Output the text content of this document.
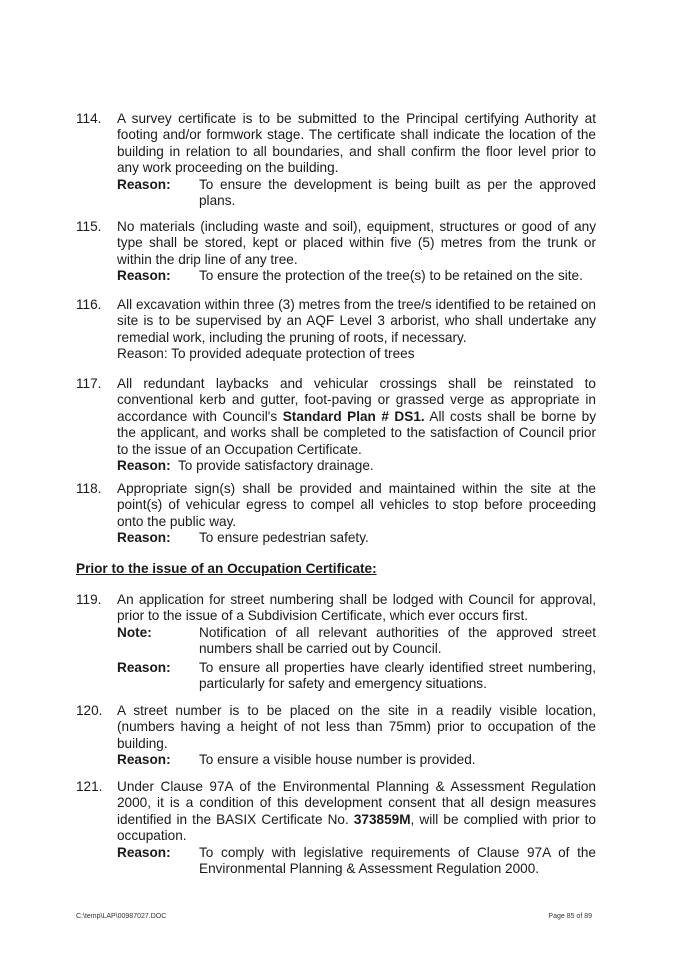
114.	A survey certificate is to be submitted to the Principal certifying Authority at footing and/or formwork stage. The certificate shall indicate the location of the building in relation to all boundaries, and shall confirm the floor level prior to any work proceeding on the building.

Reason:	To ensure the development is being built as per the approved plans.
115.	No materials (including waste and soil), equipment, structures or good of any type shall be stored, kept or placed within five (5) metres from the trunk or within the drip line of any tree.

Reason:	To ensure the protection of the tree(s) to be retained on the site.
116.	All excavation within three (3) metres from the tree/s identified to be retained on site is to be supervised by an AQF Level 3 arborist, who shall undertake any remedial work, including the pruning of roots, if necessary.

Reason: To provided adequate protection of trees

117.	All redundant laybacks and vehicular crossings shall be reinstated to conventional kerb and gutter, foot-paving or grassed verge as appropriate in accordance with Council's Standard Plan # DS1. All costs shall be borne by the applicant, and works shall be completed to the satisfaction of Council prior to the issue of an Occupation Certificate.

Reason: To provide satisfactory drainage.
118.	Appropriate sign(s) shall be provided and maintained within the site at the point(s) of vehicular egress to compel all vehicles to stop before proceeding onto the public way.

Reason:	To ensure pedestrian safety.
Prior to the issue of an Occupation Certificate:
119.	An application for street numbering shall be lodged with Council for approval, prior to the issue of a Subdivision Certificate, which ever occurs first.

Note:	Notification of all relevant authorities of the approved street numbers shall be carried out by Council.
Reason:	To ensure all properties have clearly identified street numbering, particularly for safety and emergency situations.
120.	A street number is to be placed on the site in a readily visible location, (numbers having a height of not less than 75mm) prior to occupation of the building.

Reason:	To ensure a visible house number is provided.
121.	Under Clause 97A of the Environmental Planning & Assessment Regulation 2000, it is a condition of this development consent that all design measures identified in the BASIX Certificate No. 373859M, will be complied with prior to occupation.

Reason:	To comply with legislative requirements of Clause 97A of the Environmental Planning & Assessment Regulation 2000.
C:\temp\LAP\00987027.DOC	Page 85 of 89
